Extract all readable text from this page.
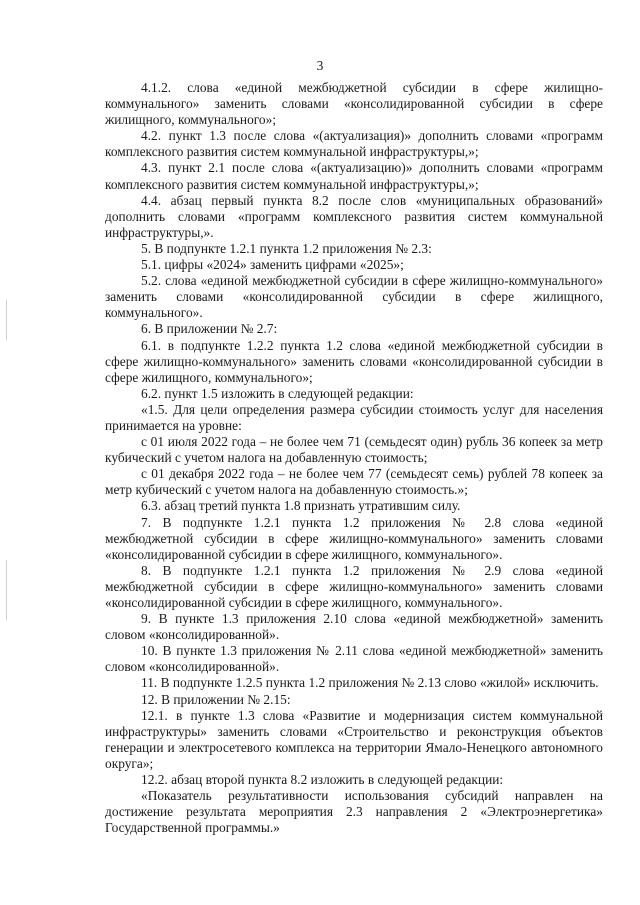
3

4.1.2. слова «единой межбюджетной субсидии в сфере жилищно-коммунального» заменить словами «консолидированной субсидии в сфере жилищного, коммунального»;

4.2. пункт 1.3 после слова «(актуализация)» дополнить словами «программ комплексного развития систем коммунальной инфраструктуры,»;

4.3. пункт 2.1 после слова «(актуализацию)» дополнить словами «программ комплексного развития систем коммунальной инфраструктуры,»;

4.4. абзац первый пункта 8.2 после слов «муниципальных образований» дополнить словами «программ комплексного развития систем коммунальной инфраструктуры,».

5. В подпункте 1.2.1 пункта 1.2 приложения № 2.3:

5.1. цифры «2024» заменить цифрами «2025»;

5.2. слова «единой межбюджетной субсидии в сфере жилищно-коммунального» заменить словами «консолидированной субсидии в сфере жилищного, коммунального».

6. В приложении № 2.7:

6.1. в подпункте 1.2.2 пункта 1.2 слова «единой межбюджетной субсидии в сфере жилищно-коммунального» заменить словами «консолидированной субсидии в сфере жилищного, коммунального»;

6.2. пункт 1.5 изложить в следующей редакции:

«1.5. Для цели определения размера субсидии стоимость услуг для населения принимается на уровне:

с 01 июля 2022 года – не более чем 71 (семьдесят один) рубль 36 копеек за метр кубический с учетом налога на добавленную стоимость;

с 01 декабря 2022 года – не более чем 77 (семьдесят семь) рублей 78 копеек за метр кубический с учетом налога на добавленную стоимость.»;

6.3. абзац третий пункта 1.8 признать утратившим силу.

7. В подпункте 1.2.1 пункта 1.2 приложения № 2.8 слова «единой межбюджетной субсидии в сфере жилищно-коммунального» заменить словами «консолидированной субсидии в сфере жилищного, коммунального».

8. В подпункте 1.2.1 пункта 1.2 приложения № 2.9 слова «единой межбюджетной субсидии в сфере жилищно-коммунального» заменить словами «консолидированной субсидии в сфере жилищного, коммунального».

9. В пункте 1.3 приложения 2.10 слова «единой межбюджетной» заменить словом «консолидированной».

10. В пункте 1.3 приложения № 2.11 слова «единой межбюджетной» заменить словом «консолидированной».

11. В подпункте 1.2.5 пункта 1.2 приложения № 2.13 слово «жилой» исключить.

12. В приложении № 2.15:

12.1. в пункте 1.3 слова «Развитие и модернизация систем коммунальной инфраструктуры» заменить словами «Строительство и реконструкция объектов генерации и электросетевого комплекса на территории Ямало-Ненецкого автономного округа»;

12.2. абзац второй пункта 8.2 изложить в следующей редакции:

«Показатель результативности использования субсидий направлен на достижение результата мероприятия 2.3 направления 2 «Электроэнергетика» Государственной программы.»
